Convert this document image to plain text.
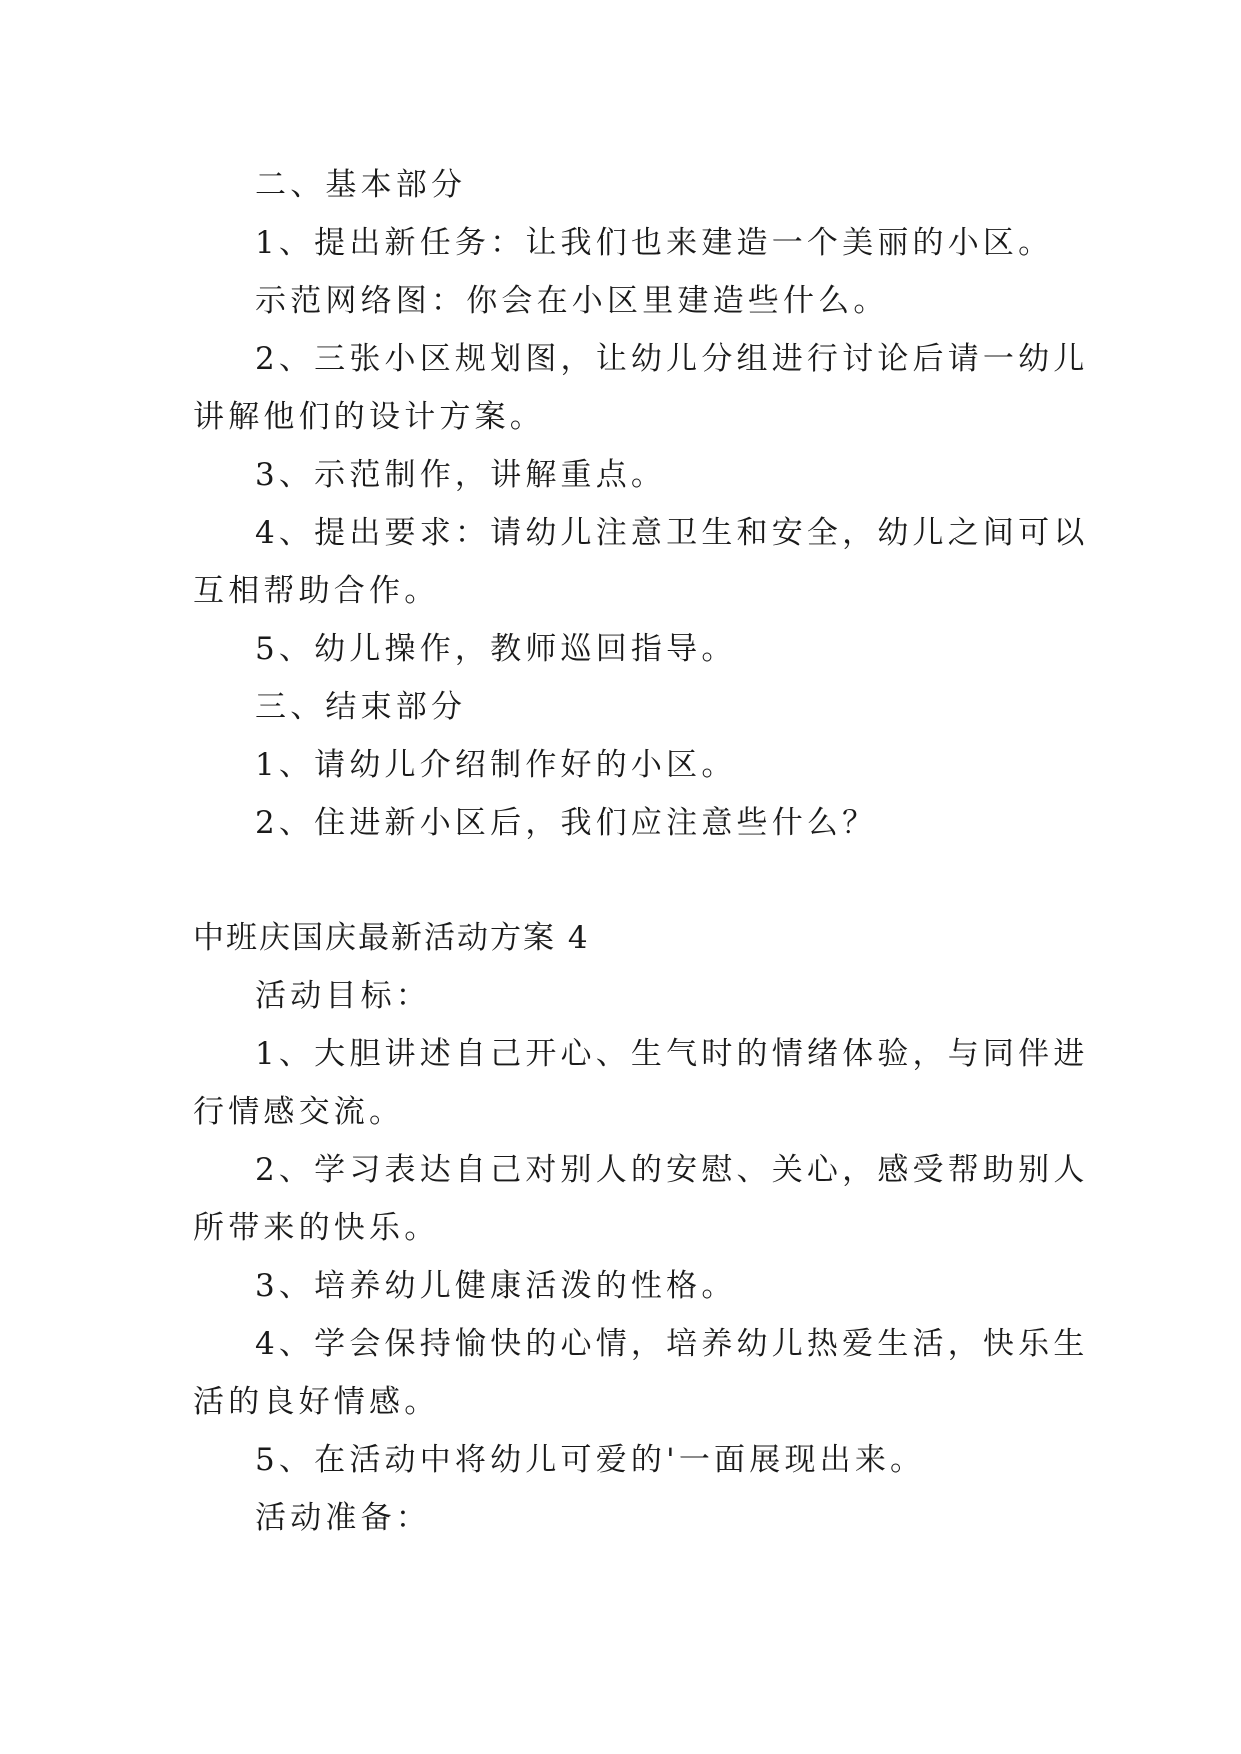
二、基本部分
1、提出新任务：让我们也来建造一个美丽的小区。
示范网络图：你会在小区里建造些什么。
2、三张小区规划图，让幼儿分组进行讨论后请一幼儿
讲解他们的设计方案。
3、示范制作，讲解重点。
4、提出要求：请幼儿注意卫生和安全，幼儿之间可以
互相帮助合作。
5、幼儿操作，教师巡回指导。
三、结束部分
1、请幼儿介绍制作好的小区。
2、住进新小区后，我们应注意些什么？
中班庆国庆最新活动方案 4
活动目标：
1、大胆讲述自己开心、生气时的情绪体验，与同伴进
行情感交流。
2、学习表达自己对别人的安慰、关心，感受帮助别人
所带来的快乐。
3、培养幼儿健康活泼的性格。
4、学会保持愉快的心情，培养幼儿热爱生活，快乐生
活的良好情感。
5、在活动中将幼儿可爱的'一面展现出来。
活动准备：
